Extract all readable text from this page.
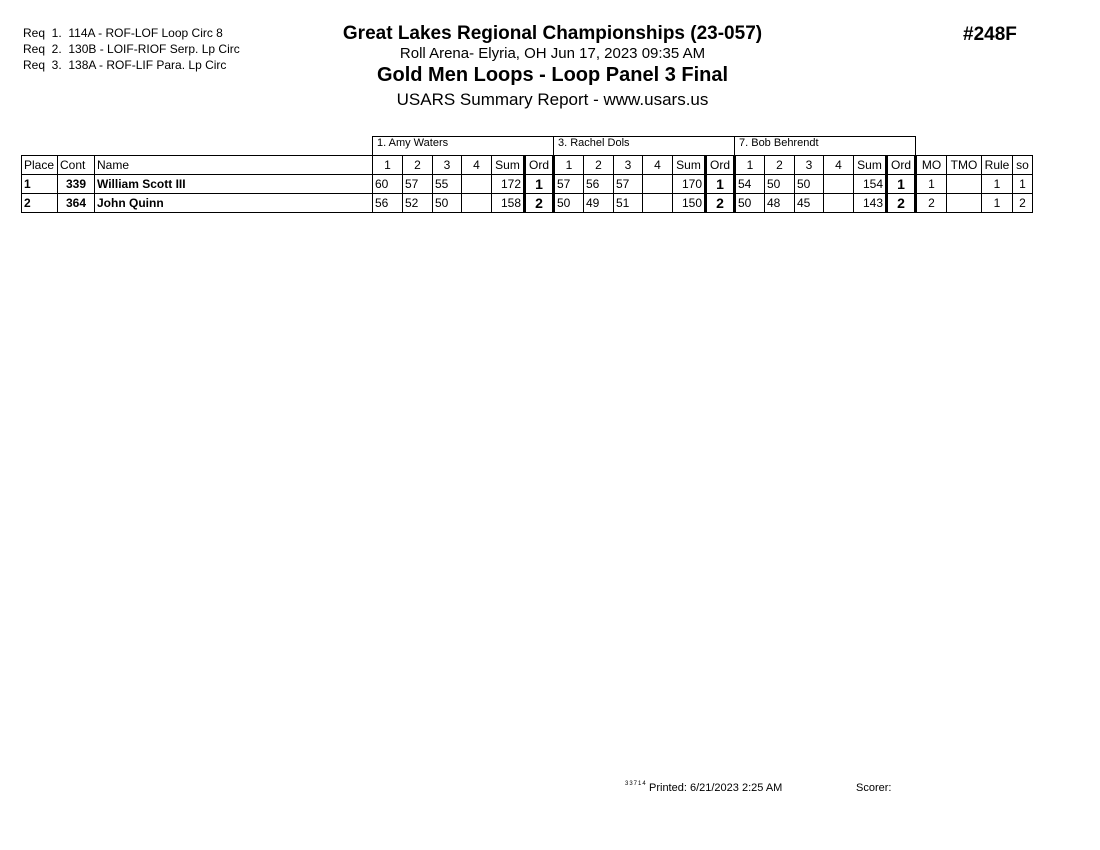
Req  1.  114A - ROF-LOF Loop Circ 8
Req  2.  130B - LOIF-RIOF Serp. Lp Circ
Req  3.  138A - ROF-LIF Para. Lp Circ
Great Lakes Regional Championships (23-057)
Roll Arena- Elyria, OH Jun 17, 2023 09:35 AM
Gold Men Loops - Loop Panel 3 Final
USARS Summary Report - www.usars.us
#248F
			1. Amy Waters						3. Rachel Dols						7. Bob Behrendt									
Place	Cont	Name	1	2	3	4	Sum	Ord	1	2	3	4	Sum	Ord	1	2	3	4	Sum	Ord	MO	TMO	Rule	so
1	339	William Scott III	60	57	55		172	1	57	56	57		170	1	54	50	50		154	1	1		1	1
2	364	John Quinn	56	52	50		158	2	50	49	51		150	2	50	48	45		143	2	2		1	2
33714 Printed: 6/21/2023 2:25 AM	Scorer:
